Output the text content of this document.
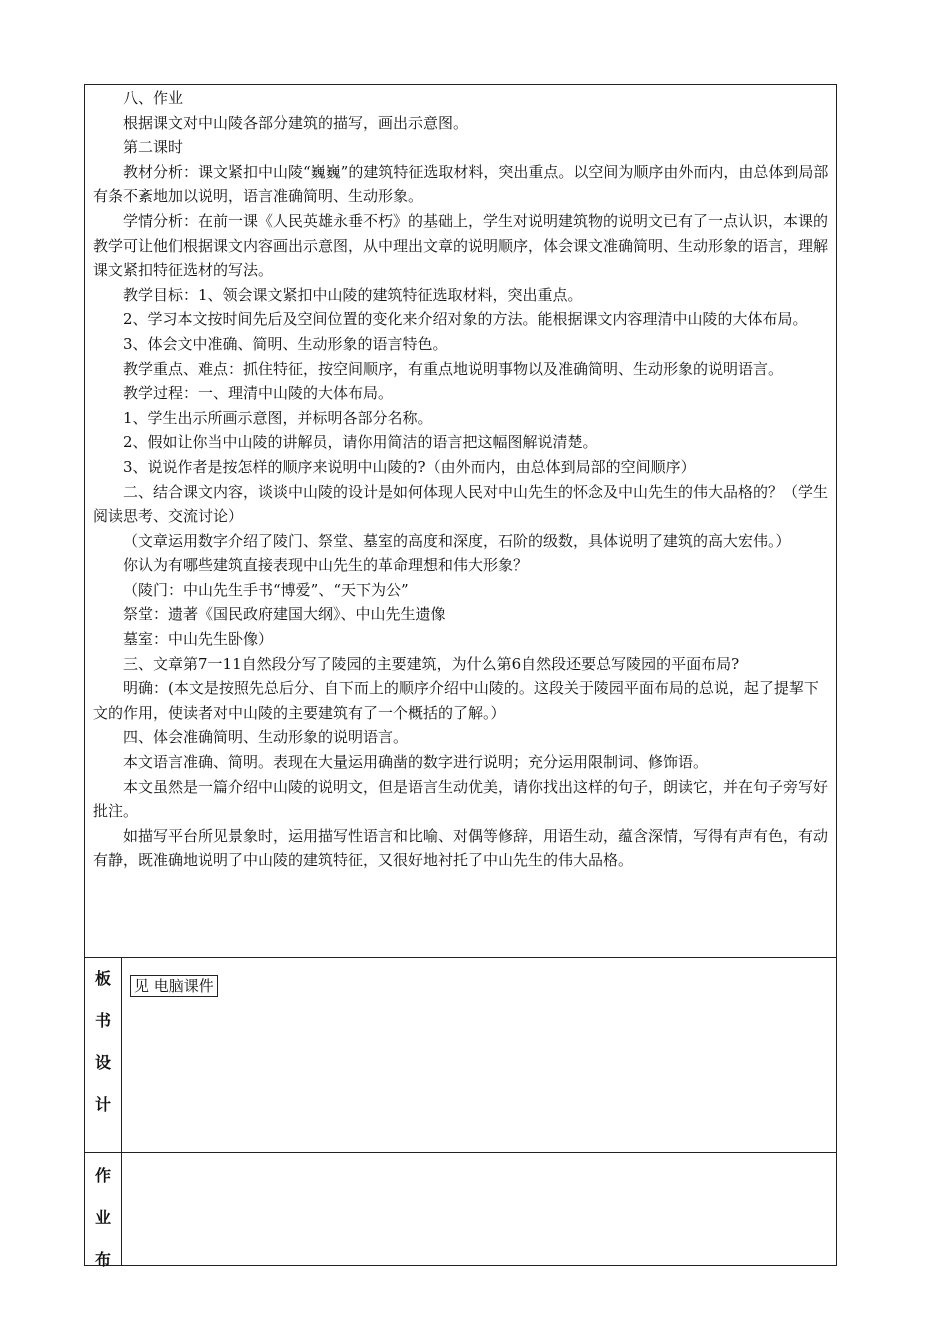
八、作业

根据课文对中山陵各部分建筑的描写，画出示意图。

第二课时

教材分析：课文紧扣中山陵“巍巍”的建筑特征选取材料，突出重点。以空间为顺序由外而内，由总体到局部有条不紊地加以说明，语言准确简明、生动形象。

学情分析：在前一课《人民英雄永垂不朽》的基础上，学生对说明建筑物的说明文已有了一点认识，本课的教学可让他们根据课文内容画出示意图，从中理出文章的说明顺序，体会课文准确简明、生动形象的语言，理解课文紧扣特征选材的写法。

教学目标：1、领会课文紧扣中山陵的建筑特征选取材料，突出重点。

2、学习本文按时间先后及空间位置的变化来介绍对象的方法。能根据课文内容理清中山陵的大体布局。

3、体会文中准确、简明、生动形象的语言特色。

教学重点、难点：抓住特征，按空间顺序，有重点地说明事物以及准确简明、生动形象的说明语言。

教学过程：一、理清中山陵的大体布局。

1、学生出示所画示意图，并标明各部分名称。

2、假如让你当中山陵的讲解员，请你用简洁的语言把这幅图解说清楚。

3、说说作者是按怎样的顺序来说明中山陵的?（由外而内，由总体到局部的空间顺序）

二、结合课文内容，谈谈中山陵的设计是如何体现人民对中山先生的怀念及中山先生的伟大品格的？（学生阅读思考、交流讨论）

（文章运用数字介绍了陵门、祭堂、墓室的高度和深度，石阶的级数，具体说明了建筑的高大宏伟。）

你认为有哪些建筑直接表现中山先生的革命理想和伟大形象？

（陵门：中山先生手书“博爱”、“天下为公”

祭堂：遗著《国民政府建国大纲》、中山先生遗像

墓室：中山先生卧像）

三、文章第7一11自然段分写了陵园的主要建筑，为什么第6自然段还要总写陵园的平面布局?

明确：(本文是按照先总后分、自下而上的顺序介绍中山陵的。这段关于陵园平面布局的总说，起了提挈下文的作用，使读者对中山陵的主要建筑有了一个概括的了解。）

四、体会准确简明、生动形象的说明语言。

本文语言准确、简明。表现在大量运用确凿的数字进行说明；充分运用限制词、修饰语。

本文虽然是一篇介绍中山陵的说明文，但是语言生动优美，请你找出这样的句子，朗读它，并在句子旁写好批注。

如描写平台所见景象时，运用描写性语言和比喻、对偶等修辞，用语生动，蕴含深情，写得有声有色，有动有静，既准确地说明了中山陵的建筑特征，又很好地衬托了中山先生的伟大品格。

板
书
设
计
见 电脑课件
作
业
布
